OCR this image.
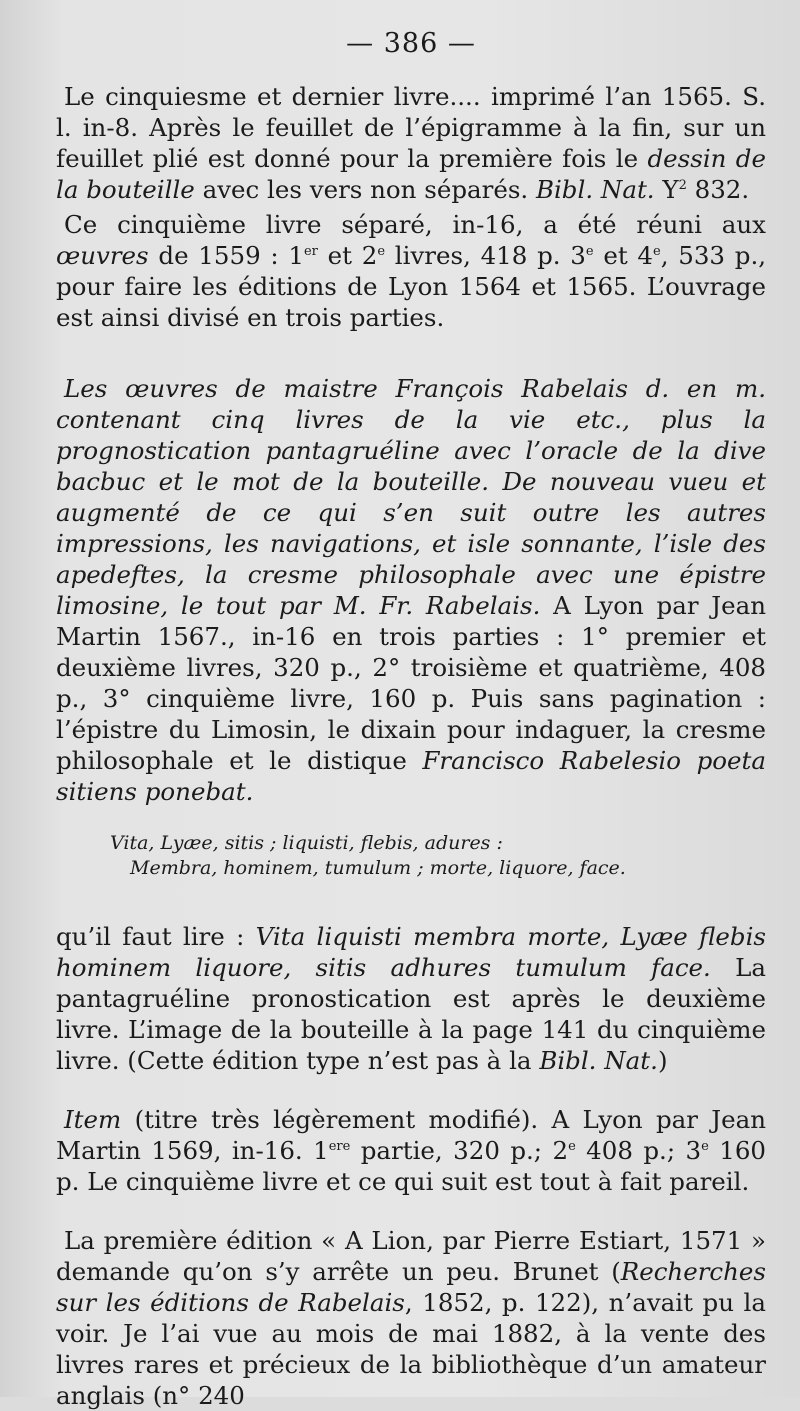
— 386 —

Le cinquiesme et dernier livre.... imprimé l’an 1565. S. l. in-8. Après le feuillet de l’épigramme à la fin, sur un feuillet plié est donné pour la première fois le dessin de la bouteille avec les vers non séparés. Bibl. Nat. $Y^2$ 832.

Ce cinquième livre séparé, in-16, a été réuni aux œuvres de 1559 : 1er et 2e livres, 418 p. 3e et 4e, 533 p., pour faire les éditions de Lyon 1564 et 1565. L’ouvrage est ainsi divisé en trois parties.

Les œuvres de maistre François Rabelais d. en m. contenant cinq livres de la vie etc., plus la prognostication pantagruéline avec l’oracle de la dive bacbuc et le mot de la bouteille. De nouveau vueu et augmenté de ce qui s’en suit outre les autres impressions, les navigations, et isle sonnante, l’isle des apedeftes, la cresme philosophale avec une épistre limosine, le tout par M. Fr. Rabelais. A Lyon par Jean Martin 1567., in-16 en trois parties : 1° premier et deuxième livres, 320 p., 2° troisième et quatrième, 408 p., 3° cinquième livre, 160 p. Puis sans pagination : l’épistre du Limosin, le dixain pour indaguer, la cresme philosophale et le distique Francisco Rabelesio poeta sitiens ponebat.

Vita, Lyæe, sitis ; liquisti, flebis, adures :
Membra, hominem, tumulum ; morte, liquore, face.

qu’il faut lire : Vita liquisti membra morte, Lyæe flebis hominem liquore, sitis adhures tumulum face. La pantagruéline pronostication est après le deuxième livre. L’image de la bouteille à la page 141 du cinquième livre. (Cette édition type n’est pas à la Bibl. Nat.)

Item (titre très légèrement modifié). A Lyon par Jean Martin 1569, in-16. 1ere partie, 320 p.; 2e 408 p.; 3e 160 p. Le cinquième livre et ce qui suit est tout à fait pareil.

La première édition « A Lion, par Pierre Estiart, 1571 » demande qu’on s’y arrête un peu. Brunet (Recherches sur les éditions de Rabelais, 1852, p. 122), n’avait pu la voir. Je l’ai vue au mois de mai 1882, à la vente des livres rares et précieux de la bibliothèque d’un amateur anglais (n° 240
